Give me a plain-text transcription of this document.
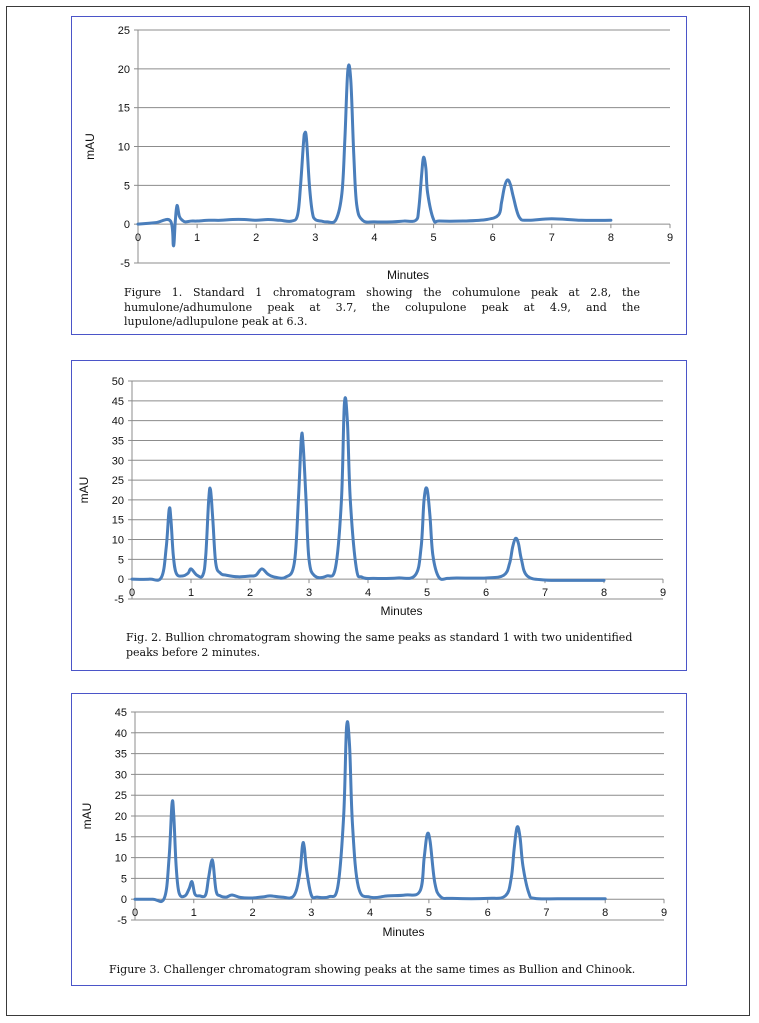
-5
0
5
10
15
20
25
0	1	2	3	4	5	6	7	8	9
Minutes
mAU
Figure 1. Standard 1 chromatogram showing the cohumulone peak at 2.8, the humulone/adhumulone peak at 3.7, the colupulone peak at 4.9, and the lupulone/adlupulone peak at 6.3.
-5
0
5
10
15
20
25
30
35
40
45
50
0	1	2	3	4	5	6	7	8	9
Minutes
mAU
Fig. 2. Bullion chromatogram showing the same peaks as standard 1 with two unidentified peaks before 2 minutes.
-5
0
5
10
15
20
25
30
35
40
45
0	1	2	3	4	5	6	7	8	9
Minutes
mAU
Figure 3. Challenger chromatogram showing peaks at the same times as Bullion and Chinook.
